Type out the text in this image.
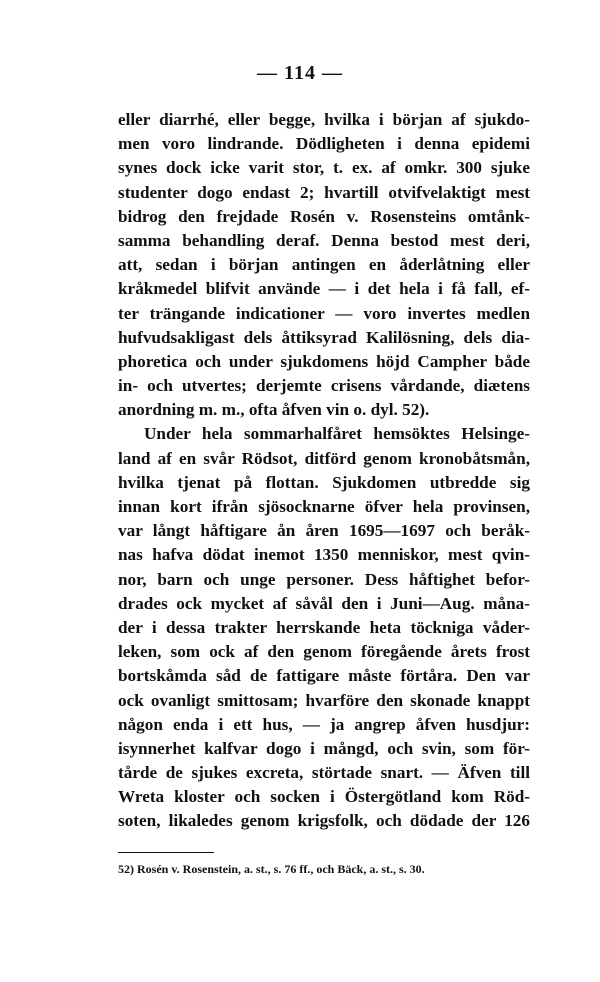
— 114 —
eller diarrhé, eller begge, hvilka i början af sjukdo-
men voro lindrande. Dödligheten i denna epidemi
synes dock icke varit stor, t. ex. af omkr. 300 sjuke
studenter dogo endast 2; hvartill otvifvelaktigt mest
bidrog den frejdade Rosén v. Rosensteins omtånk-
samma behandling deraf. Denna bestod mest deri,
att, sedan i början antingen en åderlåtning eller
kråkmedel blifvit använde — i det hela i få fall, ef-
ter trängande indicationer — voro invertes medlen
hufvudsakligast dels åttiksyrad Kalilösning, dels dia-
phoretica och under sjukdomens höjd Campher både
in- och utvertes; derjemte crisens vårdande, diætens
anordning m. m., ofta åfven vin o. dyl. 52).
Under hela sommarhalfåret hemsöktes Helsinge-
land af en svår Rödsot, ditförd genom kronobåtsmån,
hvilka tjenat på flottan. Sjukdomen utbredde sig
innan kort ifrån sjösocknarne öfver hela provinsen,
var långt håftigare ån åren 1695—1697 och beråk-
nas hafva dödat inemot 1350 menniskor, mest qvin-
nor, barn och unge personer. Dess håftighet befor-
drades ock mycket af såvål den i Juni—Aug. måna-
der i dessa trakter herrskande heta töckniga våder-
leken, som ock af den genom föregående årets frost
bortskåmda såd de fattigare måste förtåra. Den var
ock ovanligt smittosam; hvarföre den skonade knappt
någon enda i ett hus, — ja angrep åfven husdjur:
isynnerhet kalfvar dogo i mångd, och svin, som för-
tårde de sjukes excreta, störtade snart. — Äfven till
Wreta kloster och socken i Östergötland kom Röd-
soten, likaledes genom krigsfolk, och dödade der 126
52) Rosén v. Rosenstein, a. st., s. 76 ff., och Bäck, a. st., s. 30.
